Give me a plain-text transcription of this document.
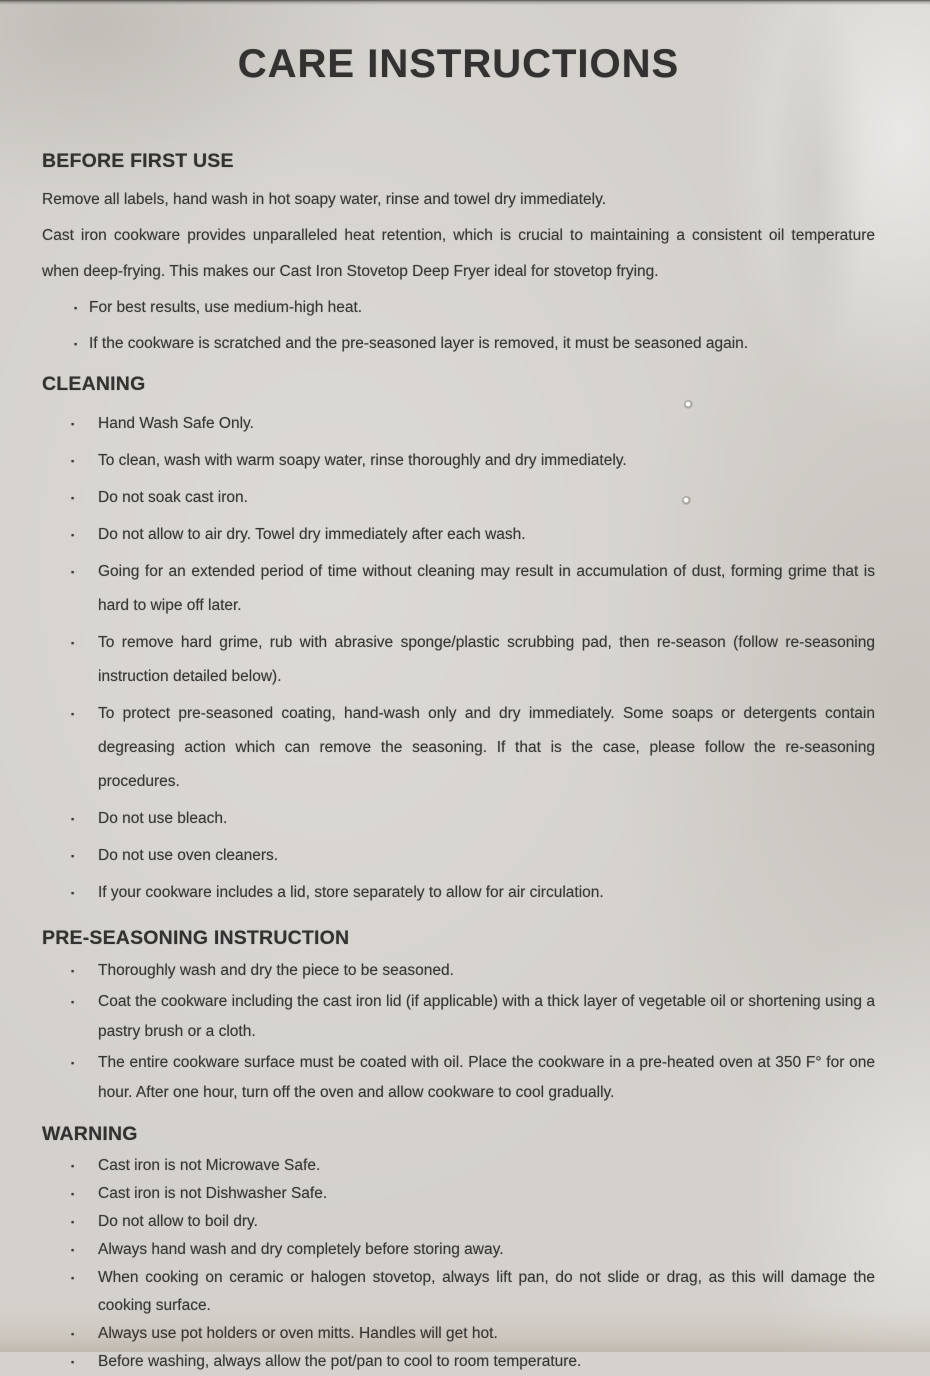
CARE INSTRUCTIONS
BEFORE FIRST USE

Remove all labels, hand wash in hot soapy water, rinse and towel dry immediately.

Cast iron cookware provides unparalleled heat retention, which is crucial to maintaining a consistent oil temperature when deep-frying. This makes our Cast Iron Stovetop Deep Fryer ideal for stovetop frying.

▪ For best results, use medium-high heat.
▪ If the cookware is scratched and the pre-seasoned layer is removed, it must be seasoned again.
CLEANING
▪ Hand Wash Safe Only.
▪ To clean, wash with warm soapy water, rinse thoroughly and dry immediately.
▪ Do not soak cast iron.
▪ Do not allow to air dry. Towel dry immediately after each wash.
▪ Going for an extended period of time without cleaning may result in accumulation of dust, forming grime that is hard to wipe off later.
▪ To remove hard grime, rub with abrasive sponge/plastic scrubbing pad, then re-season (follow re-seasoning instruction detailed below).
▪ To protect pre-seasoned coating, hand-wash only and dry immediately. Some soaps or detergents contain degreasing action which can remove the seasoning. If that is the case, please follow the re-seasoning procedures.
▪ Do not use bleach.
▪ Do not use oven cleaners.
▪ If your cookware includes a lid, store separately to allow for air circulation.
PRE-SEASONING INSTRUCTION
▪ Thoroughly wash and dry the piece to be seasoned.
▪ Coat the cookware including the cast iron lid (if applicable) with a thick layer of vegetable oil or shortening using a pastry brush or a cloth.
▪ The entire cookware surface must be coated with oil. Place the cookware in a pre-heated oven at 350 F° for one hour. After one hour, turn off the oven and allow cookware to cool gradually.
WARNING
▪ Cast iron is not Microwave Safe.
▪ Cast iron is not Dishwasher Safe.
▪ Do not allow to boil dry.
▪ Always hand wash and dry completely before storing away.
▪ When cooking on ceramic or halogen stovetop, always lift pan, do not slide or drag, as this will damage the cooking surface.
▪ Always use pot holders or oven mitts. Handles will get hot.
▪ Before washing, always allow the pot/pan to cool to room temperature.
